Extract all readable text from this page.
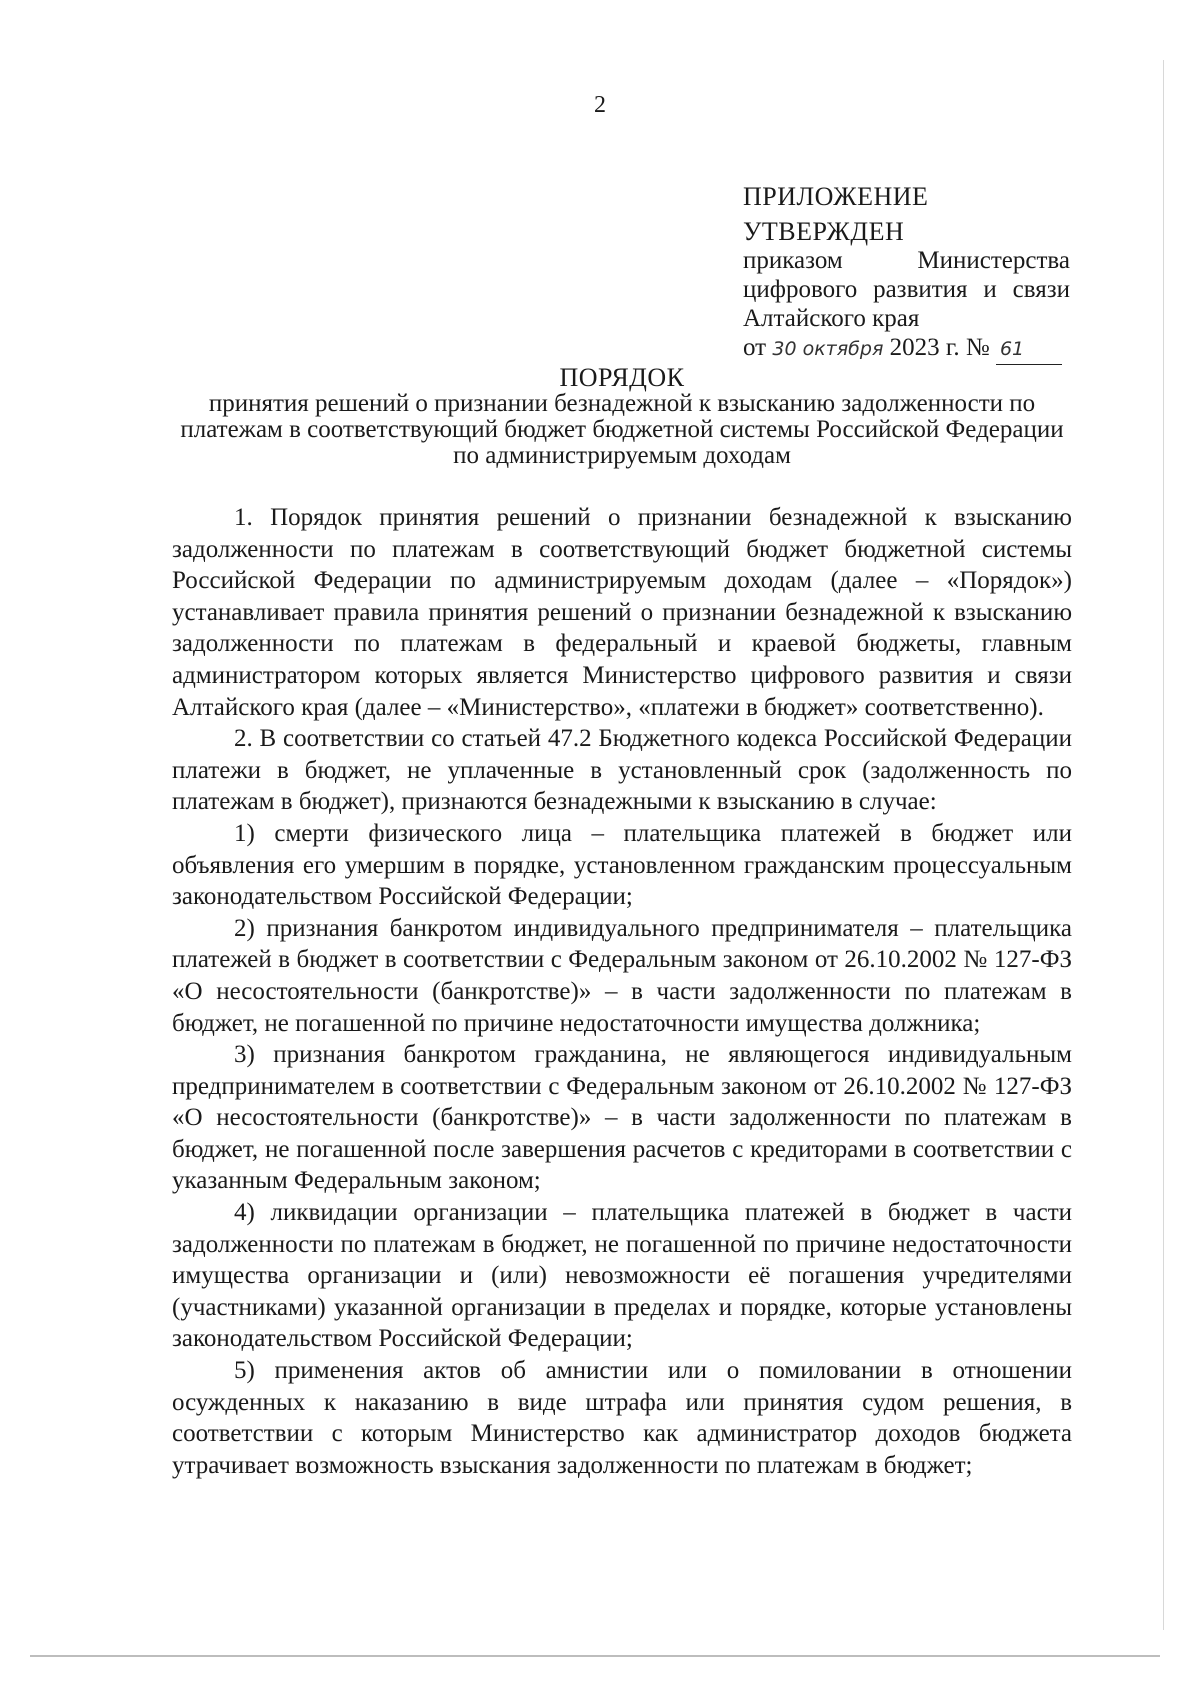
2
ПРИЛОЖЕНИЕ
УТВЕРЖДЕН
приказом Министерства
цифрового развития и связи
Алтайского края
от 30 октября 2023 г. № 61
ПОРЯДОК
принятия решений о признании безнадежной к взысканию задолженности по платежам в соответствующий бюджет бюджетной системы Российской Федерации по администрируемым доходам

1. Порядок принятия решений о признании безнадежной к взысканию задолженности по платежам в соответствующий бюджет бюджетной системы Российской Федерации по администрируемым доходам (далее – «Порядок») устанавливает правила принятия решений о признании безнадежной к взысканию задолженности по платежам в федеральный и краевой бюджеты, главным администратором которых является Министерство цифрового развития и связи Алтайского края (далее – «Министерство», «платежи в бюджет» соответственно).

2. В соответствии со статьей 47.2 Бюджетного кодекса Российской Федерации платежи в бюджет, не уплаченные в установленный срок (задолженность по платежам в бюджет), признаются безнадежными к взысканию в случае:

1) смерти физического лица – плательщика платежей в бюджет или объявления его умершим в порядке, установленном гражданским процессуальным законодательством Российской Федерации;

2) признания банкротом индивидуального предпринимателя – плательщика платежей в бюджет в соответствии с Федеральным законом от 26.10.2002 № 127-ФЗ «О несостоятельности (банкротстве)» – в части задолженности по платежам в бюджет, не погашенной по причине недостаточности имущества должника;

3) признания банкротом гражданина, не являющегося индивидуальным предпринимателем в соответствии с Федеральным законом от 26.10.2002 № 127-ФЗ «О несостоятельности (банкротстве)» – в части задолженности по платежам в бюджет, не погашенной после завершения расчетов с кредиторами в соответствии с указанным Федеральным законом;

4) ликвидации организации – плательщика платежей в бюджет в части задолженности по платежам в бюджет, не погашенной по причине недостаточности имущества организации и (или) невозможности её погашения учредителями (участниками) указанной организации в пределах и порядке, которые установлены законодательством Российской Федерации;

5) применения актов об амнистии или о помиловании в отношении осужденных к наказанию в виде штрафа или принятия судом решения, в соответствии с которым Министерство как администратор доходов бюджета утрачивает возможность взыскания задолженности по платежам в бюджет;
